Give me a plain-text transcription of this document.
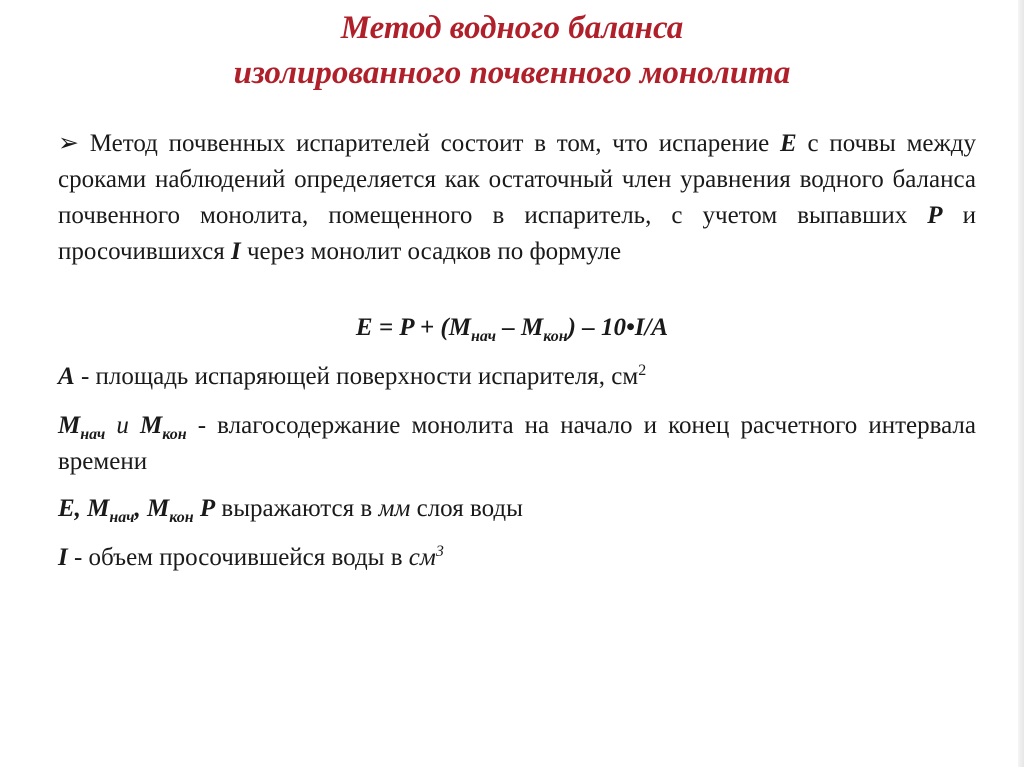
Метод водного баланса
изолированного почвенного монолита
➢ Метод почвенных испарителей состоит в том, что испарение E с почвы между сроками наблюдений определяется как остаточный член уравнения водного баланса почвенного монолита, помещенного в испаритель, с учетом выпавших P и просочившихся I через монолит осадков по формуле
$E = P + (M_{нач} - M_{кон})$ – 10•I/A
A - площадь испаряющей поверхности испарителя, $см^2$
$M_{нач}$ и $M_{кон}$ - влагосодержание монолита на начало и конец расчетного интервала времени
E, $M_{нач}$, $M_{кон}$ P выражаются в мм слоя воды
I - объем просочившейся воды в $см^3$
